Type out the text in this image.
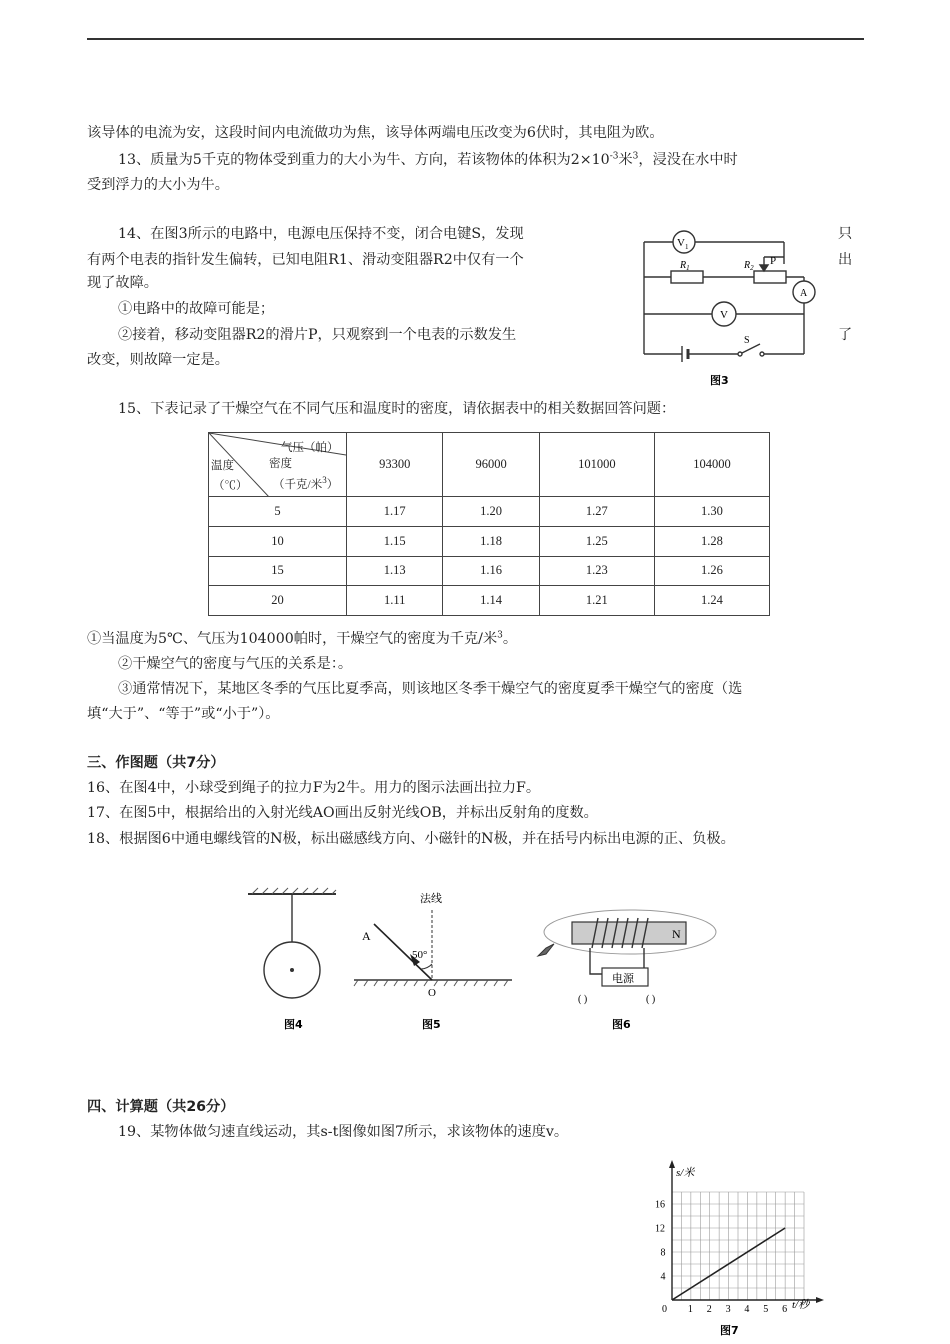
该导体的电流为安，这段时间内电流做功为焦，该导体两端电压改变为6伏时，其电阻为欧。
13、质量为5千克的物体受到重力的大小为牛、方向，若该物体的体积为$2\times 10^{-3}$米$^3$，浸没在水中时
受到浮力的大小为牛。
14、在图3所示的电路中，电源电压保持不变，闭合电键S，发现	只
有两个电表的指针发生偏转，已知电阻R1、滑动变阻器R2中仅有一个	出
现了故障。
①电路中的故障可能是；
②接着，移动变阻器R2的滑片P，只观察到一个电表的示数发生	了
改变，则故障一定是。
$V_1$
$R_1$	$R_2$
P
A
V
S
图3
15、下表记录了干燥空气在不同气压和温度时的密度，请依据表中的相关数据回答问题：
气压（帕）
密度
温度
（℃） （千克/米$^3$）	93300	96000	101000	104000
5	1.17	1.20	1.27	1.30
10	1.15	1.18	1.25	1.28
15	1.13	1.16	1.23	1.26
20	1.11	1.14	1.21	1.24
①当温度为5℃、气压为104000帕时，干燥空气的密度为千克/米$^3$。
②干燥空气的密度与气压的关系是：。
③通常情况下，某地区冬季的气压比夏季高，则该地区冬季干燥空气的密度夏季干燥空气的密度（选
填“大于”、“等于”或“小于”）。
三、作图题（共7分）
16、在图4中，小球受到绳子的拉力F为2牛。用力的图示法画出拉力F。
17、在图5中，根据给出的入射光线AO画出反射光线OB，并标出反射角的度数。
18、根据图6中通电螺线管的N极，标出磁感线方向、小磁针的N极，并在括号内标出电源的正、负极。
图4
法线
A
50°
O
图5
电源
N
( )	( )
图6
四、计算题（共26分）
19、某物体做匀速直线运动，其s-t图像如图7所示，求该物体的速度v。
0 1 2 3 4 5 6
4
8
12
16
s/米
t/秒
图7
